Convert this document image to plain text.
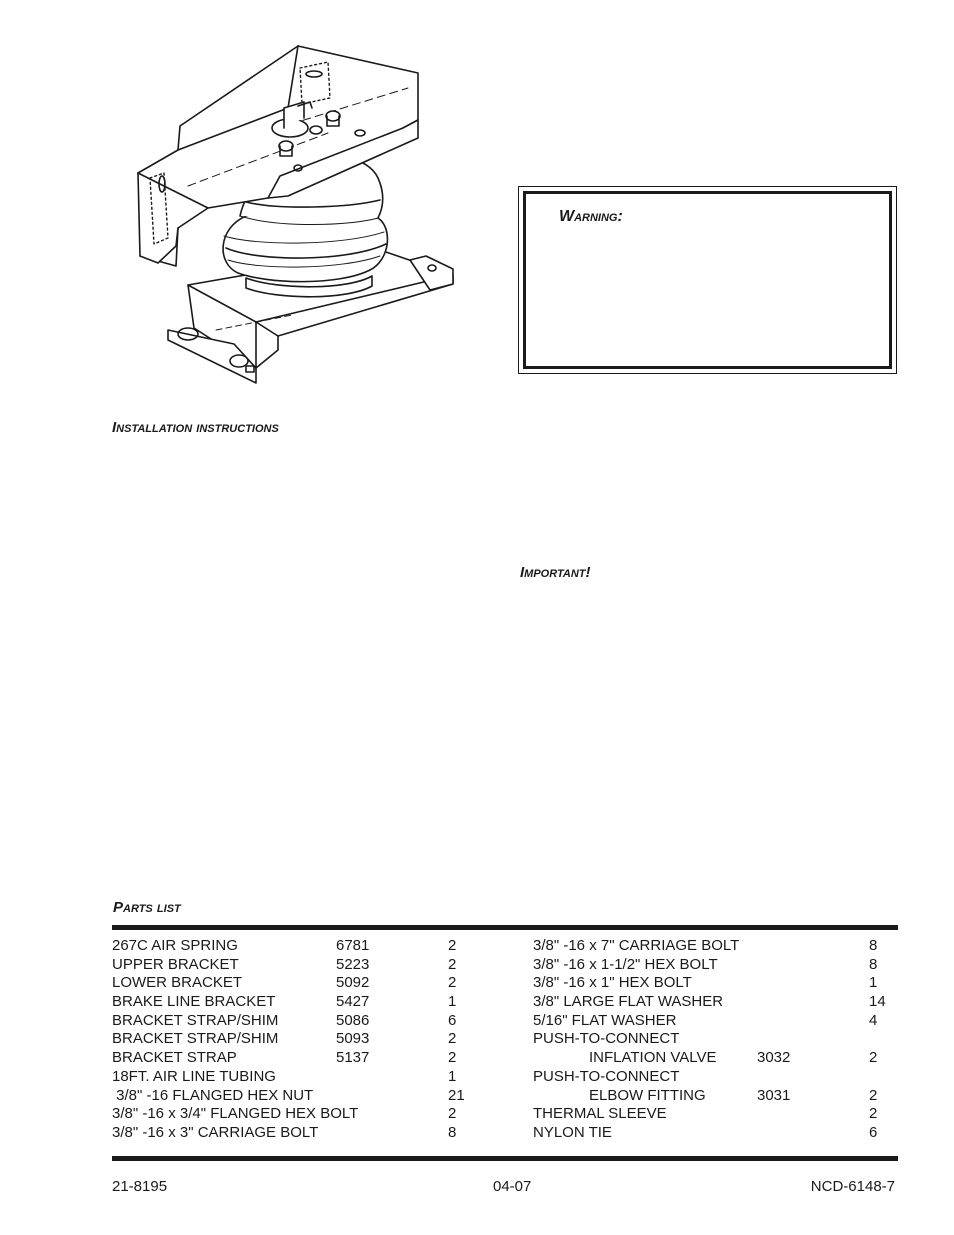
Warning:
Installation instructions
Important!
Parts list
267C AIR SPRING	6781	2
UPPER BRACKET	5223	2
LOWER BRACKET	5092	2
BRAKE LINE BRACKET	5427	1
BRACKET STRAP/SHIM	5086	6
BRACKET STRAP/SHIM	5093	2
BRACKET STRAP	5137	2
18FT. AIR LINE TUBING	1
3/8" -16 FLANGED HEX NUT	21
3/8" -16 x 3/4" FLANGED HEX BOLT	2
3/8" -16 x 3" CARRIAGE BOLT	8
3/8" -16 x 7" CARRIAGE BOLT	8
3/8" -16 x 1-1/2" HEX BOLT	8
3/8" -16 x 1" HEX BOLT	1
3/8" LARGE FLAT WASHER	14
5/16" FLAT WASHER	4
PUSH-TO-CONNECT
INFLATION VALVE	3032	2
PUSH-TO-CONNECT
ELBOW FITTING	3031	2
THERMAL SLEEVE	2
NYLON TIE	6
21-8195	04-07	NCD-6148-7
